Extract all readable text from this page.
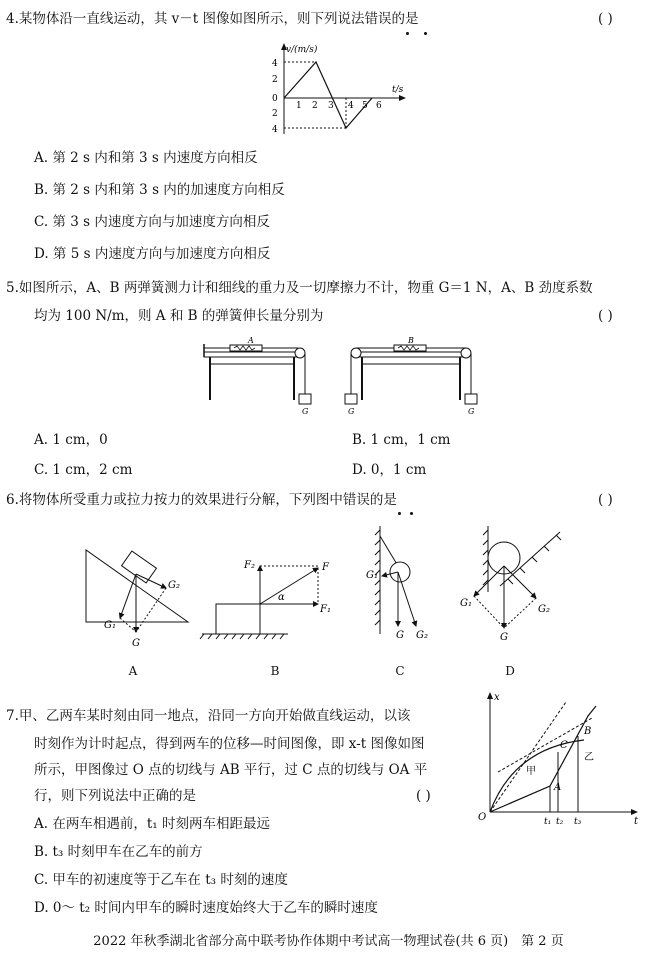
4.某物体沿一直线运动，其 v－t 图像如图所示，则下列说法错误的是	( )
v/(m/s)
t/s
4
2
0
2
4
1 2 3 4 5 6
A. 第 2 s 内和第 3 s 内速度方向相反
B. 第 2 s 内和第 3 s 内的加速度方向相反
C. 第 3 s 内速度方向与加速度方向相反
D. 第 5 s 内速度方向与加速度方向相反
5.如图所示，A、B 两弹簧测力计和细线的重力及一切摩擦力不计，物重 G＝1 N，A、B 劲度系数
均为 100 N/m，则 A 和 B 的弹簧伸长量分别为	( )
A
G
B
G	G
A. 1 cm，0	B. 1 cm，1 cm
C. 1 cm，2 cm	D. 0，1 cm
6.将物体所受重力或拉力按力的效果进行分解，下列图中错误的是	( )
G
G₂
G₁
F₂	F
F₁
α
G₁
G G₂
G₁
G₂
G
A	B	C	D
7.甲、乙两车某时刻由同一地点，沿同一方向开始做直线运动，以该
时刻作为计时起点，得到两车的位移—时间图像，即 x-t 图像如图
所示，甲图像过 O 点的切线与 AB 平行，过 C 点的切线与 OA 平
行，则下列说法中正确的是	( )
x
t
O
甲
乙
A
B
C
t₁ t₂ t₃
A. 在两车相遇前，t₁ 时刻两车相距最远
B. t₃ 时刻甲车在乙车的前方
C. 甲车的初速度等于乙车在 t₃ 时刻的速度
D. 0～ t₂ 时间内甲车的瞬时速度始终大于乙车的瞬时速度
2022 年秋季湖北省部分高中联考协作体期中考试高一物理试卷(共 6 页)　第 2 页
